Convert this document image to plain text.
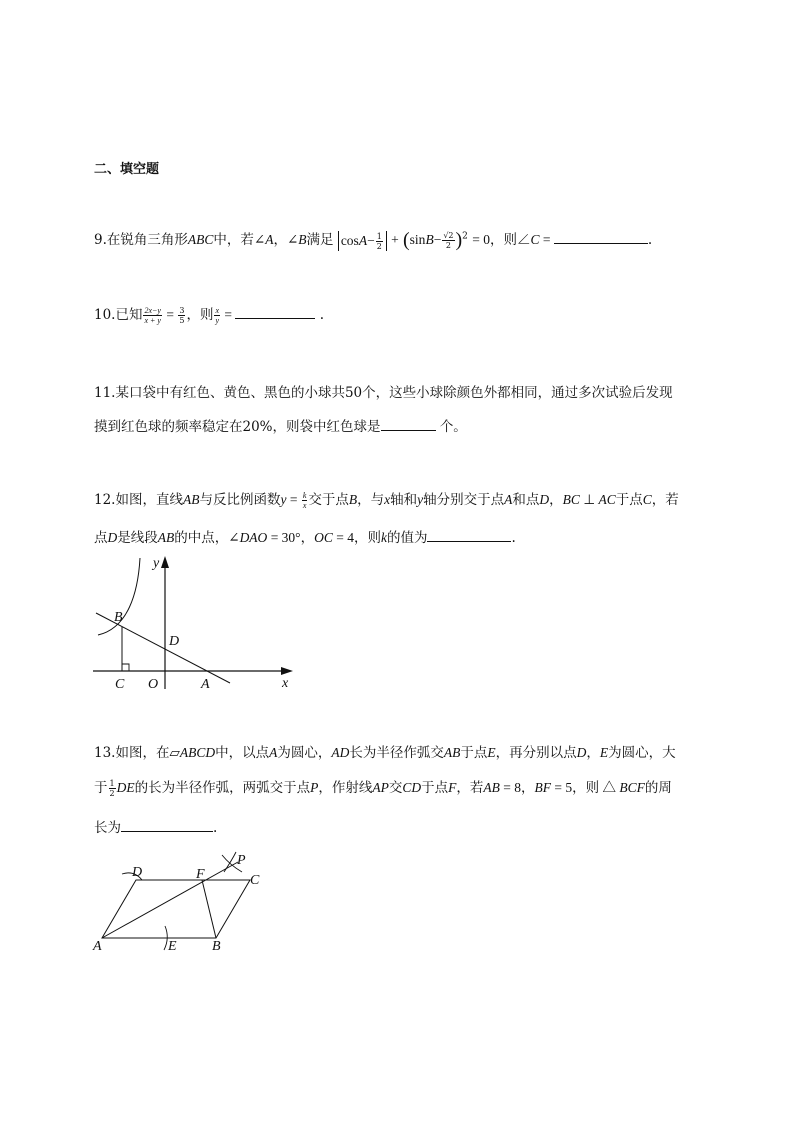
二、填空题
9.在锐角三角形ABC中，若∠A，∠B满足 $\cos A- \frac{1}{2} + (\sin B- \frac{√2}{2} )^2 = 0$，则∠C =	.
10.已知 $\frac{2x-y}{x + y} = \frac{3}{5}$ ，则 $\frac{x}{y}$ =	.
11.某口袋中有红色、黄色、黑色的小球共50个，这些小球除颜色外都相同，通过多次试验后发现
摸到红色球的频率稳定在20%，则袋中红色球是	个。
12.如图，直线AB与反比例函数$y = \frac{k}{x}$ 交于点B，与x轴和y轴分别交于点A和点D，BC ⊥ AC于点C，若
点D是线段AB的中点，∠DAO = 30°，OC = 4，则k的值为	.
y
x
B
D
C O	A
13.如图，在▱ABCD中，以点A为圆心，AD长为半径作弧交AB于点E，再分别以点D，E为圆心，大
于 $\frac{1}{2}$ DE的长为半径作弧，两弧交于点P，作射线AP交CD于点F，若AB = 8，BF = 5，则 △ BCF的周
长为	.
D	F
P
C
A	E	B
